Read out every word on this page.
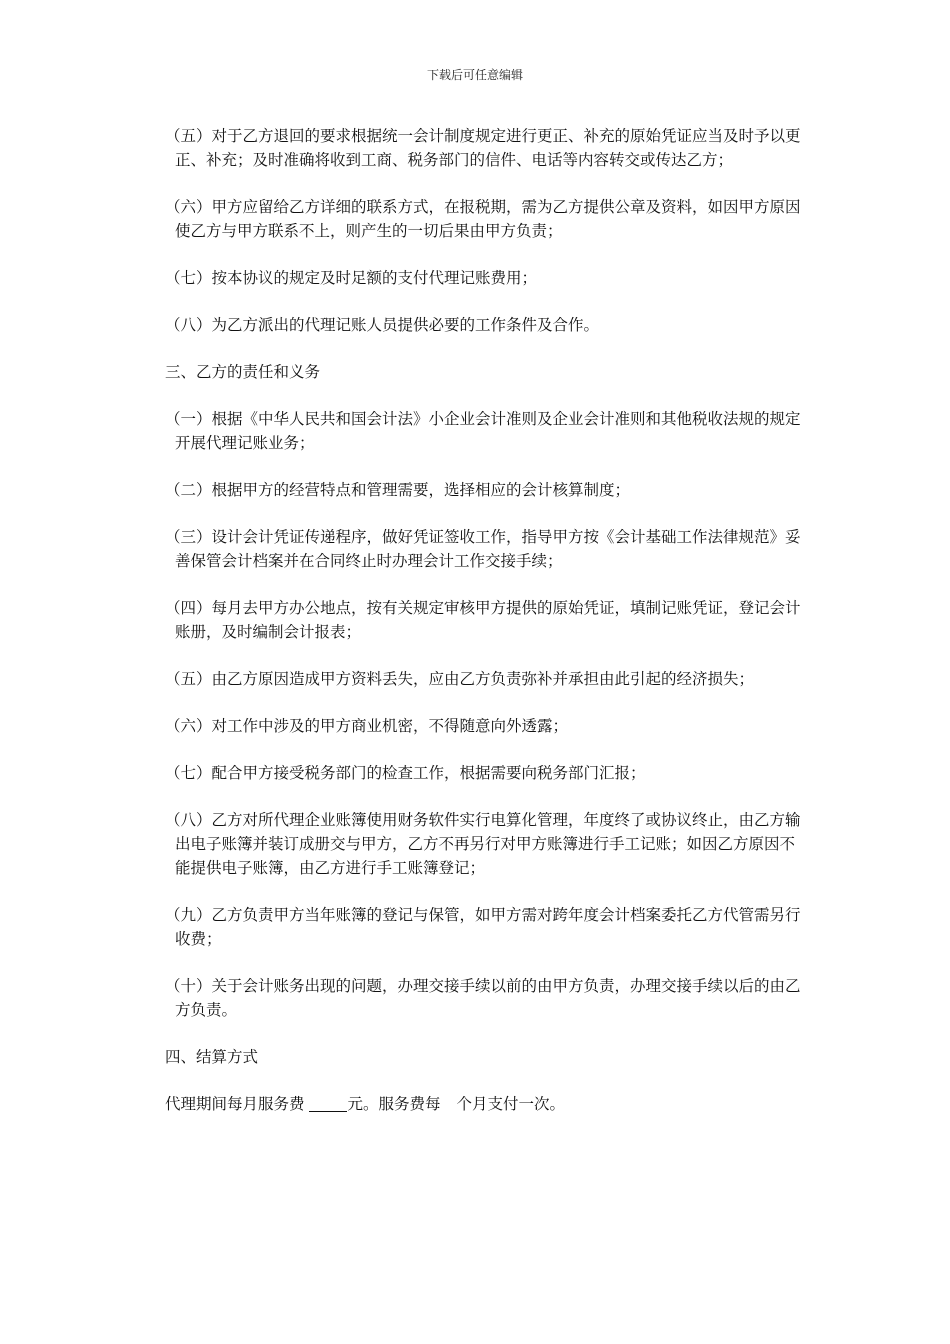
下载后可任意编辑

（五）对于乙方退回的要求根据统一会计制度规定进行更正、补充的原始凭证应当及时予以更正、补充；及时准确将收到工商、税务部门的信件、电话等内容转交或传达乙方；

（六）甲方应留给乙方详细的联系方式，在报税期，需为乙方提供公章及资料，如因甲方原因使乙方与甲方联系不上，则产生的一切后果由甲方负责；

（七）按本协议的规定及时足额的支付代理记账费用；

（八）为乙方派出的代理记账人员提供必要的工作条件及合作。

三、乙方的责任和义务

（一）根据《中华人民共和国会计法》小企业会计准则及企业会计准则和其他税收法规的规定开展代理记账业务；

（二）根据甲方的经营特点和管理需要，选择相应的会计核算制度；

（三）设计会计凭证传递程序，做好凭证签收工作，指导甲方按《会计基础工作法律规范》妥善保管会计档案并在合同终止时办理会计工作交接手续；

（四）每月去甲方办公地点，按有关规定审核甲方提供的原始凭证，填制记账凭证，登记会计账册，及时编制会计报表；

（五）由乙方原因造成甲方资料丢失，应由乙方负责弥补并承担由此引起的经济损失；

（六）对工作中涉及的甲方商业机密，不得随意向外透露；

（七）配合甲方接受税务部门的检查工作，根据需要向税务部门汇报；

（八）乙方对所代理企业账簿使用财务软件实行电算化管理，年度终了或协议终止，由乙方输出电子账簿并装订成册交与甲方，乙方不再另行对甲方账簿进行手工记账；如因乙方原因不能提供电子账簿，由乙方进行手工账簿登记；

（九）乙方负责甲方当年账簿的登记与保管，如甲方需对跨年度会计档案委托乙方代管需另行收费；

（十）关于会计账务出现的问题，办理交接手续以前的由甲方负责，办理交接手续以后的由乙方负责。

四、结算方式

代理期间每月服务费	元。服务费每 个月支付一次。
